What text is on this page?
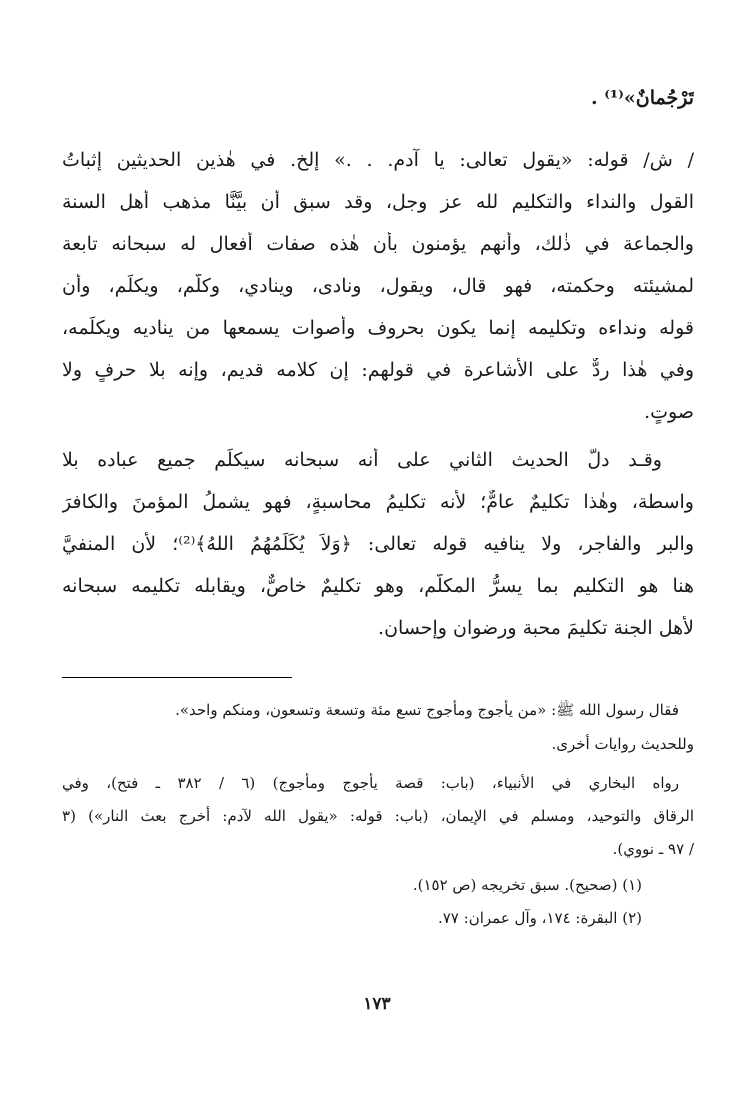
تَرْجُمانٌ»⁽¹⁾ .
/ ش/ قوله: «يقول تعالى: يا آدم. . .» إلخ. في هٰذين الحديثين إثباتُ
القول والنداء والتكليم لله عز وجل، وقد سبق أن بيَّنَّا مذهب أهل السنة
والجماعة في ذٰلك، وأنهم يؤمنون بأن هٰذه صفات أفعال له سبحانه تابعة
لمشيئته وحكمته، فهو قال، ويقول، ونادى، وينادي، وكلَّم، ويكلِّم، وأن
قوله ونداءه وتكليمه إنما يكون بحروف وأصوات يسمعها من يناديه ويكلِّمه،
وفي هٰذا ردٌّ على الأشاعرة في قولهم: إن كلامه قديم، وإنه بلا حرفٍ ولا
صوتٍ.
وقـد دلَّ الحديث الثاني على أنه سبحانه سيكلِّم جميع عباده بلا
واسطة، وهٰذا تكليمٌ عامٌّ؛ لأنه تكليمُ محاسبةٍ، فهو يشملُ المؤمنَ والكافرَ
والبر والفاجر، ولا ينافيه قوله تعالى: ﴿وَلاَ يُكَلِّمُهُمُ اللهُ﴾⁽²⁾؛ لأن المنفيَّ
هنا هو التكليم بما يسرُّ المكلَّم، وهو تكليمٌ خاصٌّ، ويقابله تكليمه سبحانه
لأهل الجنة تكليمَ محبة ورضوان وإحسان.
فقال رسول الله ﷺ: «من يأجوج ومأجوج تسع مئة وتسعة وتسعون، ومنكم واحد».
وللحديث روايات أخرى.
رواه البخاري في الأنبياء، (باب: قصة يأجوج ومأجوج) (٦ / ٣٨٢ ـ فتح)، وفي
الرقاق والتوحيد، ومسلم في الإيمان، (باب: قوله: «يقول الله لآدم: أخرج بعث النار») (٣
/ ٩٧ ـ نووي).
(١) (صحيح). سبق تخريجه (ص ١٥٢).
(٢) البقرة: ١٧٤، وآل عمران: ٧٧.
١٧٣
